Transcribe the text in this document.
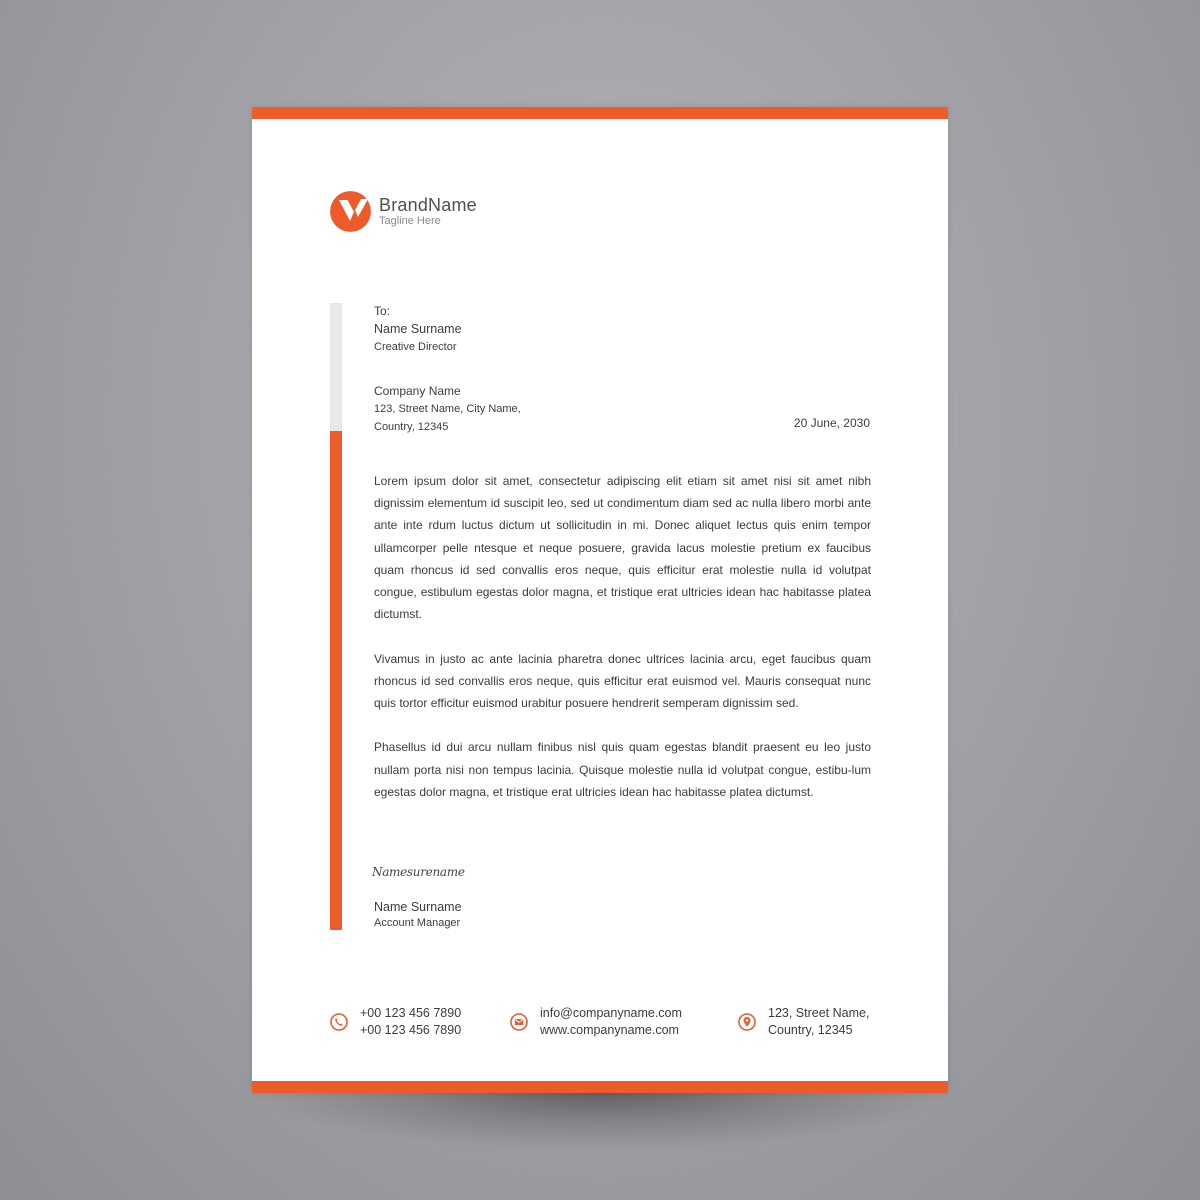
BrandName
Tagline Here
To:
Name Surname
Creative Director
Company Name
123, Street Name, City Name,
Country, 12345	20 June, 2030

Lorem ipsum dolor sit amet, consectetur adipiscing elit etiam sit amet nisi sit amet nibh dignissim elementum id suscipit leo, sed ut condimentum diam sed ac nulla libero morbi ante ante inte rdum luctus dictum ut sollicitudin in mi. Donec aliquet lectus quis enim tempor ullamcorper pelle ntesque et neque posuere, gravida lacus molestie pretium ex faucibus quam rhoncus id sed convallis eros neque, quis efficitur erat molestie nulla id volutpat congue, estibulum egestas dolor magna, et tristique erat ultricies idean hac habitasse platea dictumst.

Vivamus in justo ac ante lacinia pharetra donec ultrices lacinia arcu, eget faucibus quam rhoncus id sed convallis eros neque, quis efficitur erat euismod vel. Mauris consequat nunc quis tortor efficitur euismod urabitur posuere hendrerit semperam dignissim sed.

Phasellus id dui arcu nullam finibus nisl quis quam egestas blandit praesent eu leo justo nullam porta nisi non tempus lacinia. Quisque molestie nulla id volutpat congue, estibu-lum egestas dolor magna, et tristique erat ultricies idean hac habitasse platea dictumst.

Namesurename
Name Surname
Account Manager
+00 123 456 7890
+00 123 456 7890
info@companyname.com
www.companyname.com
123, Street Name,
Country, 12345
